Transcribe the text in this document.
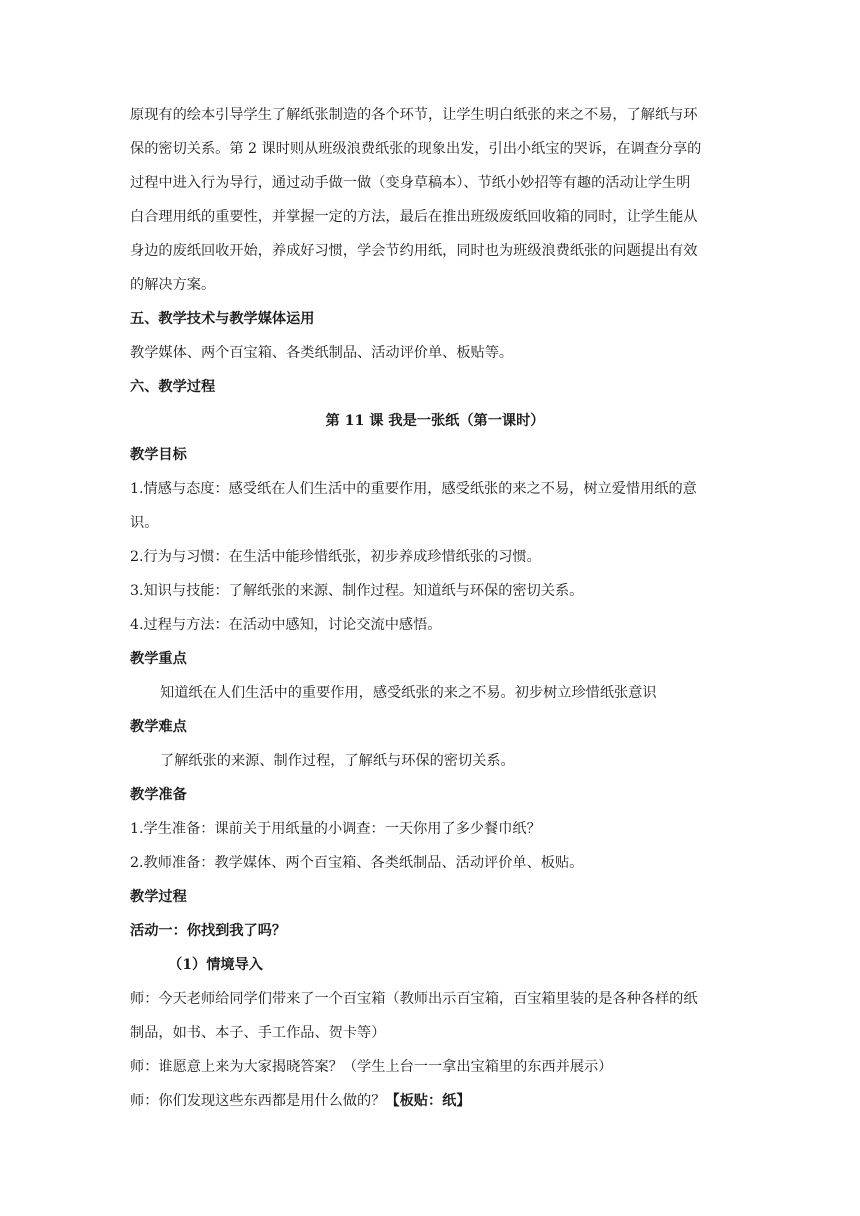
原现有的绘本引导学生了解纸张制造的各个环节，让学生明白纸张的来之不易，了解纸与环

保的密切关系。第 2 课时则从班级浪费纸张的现象出发，引出小纸宝的哭诉，在调查分享的

过程中进入行为导行，通过动手做一做（变身草稿本）、节纸小妙招等有趣的活动让学生明

白合理用纸的重要性，并掌握一定的方法，最后在推出班级废纸回收箱的同时，让学生能从

身边的废纸回收开始，养成好习惯，学会节约用纸，同时也为班级浪费纸张的问题提出有效

的解决方案。

五、教学技术与教学媒体运用

教学媒体、两个百宝箱、各类纸制品、活动评价单、板贴等。

六、教学过程

第 11 课 我是一张纸（第一课时）

教学目标

1.情感与态度：感受纸在人们生活中的重要作用，感受纸张的来之不易，树立爱惜用纸的意

识。

2.行为与习惯：在生活中能珍惜纸张，初步养成珍惜纸张的习惯。

3.知识与技能：了解纸张的来源、制作过程。知道纸与环保的密切关系。

4.过程与方法：在活动中感知，讨论交流中感悟。

教学重点

知道纸在人们生活中的重要作用，感受纸张的来之不易。初步树立珍惜纸张意识

教学难点

了解纸张的来源、制作过程，了解纸与环保的密切关系。

教学准备

1.学生准备：课前关于用纸量的小调查：一天你用了多少餐巾纸？

2.教师准备：教学媒体、两个百宝箱、各类纸制品、活动评价单、板贴。

教学过程

活动一：你找到我了吗？

（1）情境导入

师：今天老师给同学们带来了一个百宝箱（教师出示百宝箱，百宝箱里装的是各种各样的纸

制品，如书、本子、手工作品、贺卡等）

师：谁愿意上来为大家揭晓答案？（学生上台一一拿出宝箱里的东西并展示）

师：你们发现这些东西都是用什么做的？【板贴：纸】
